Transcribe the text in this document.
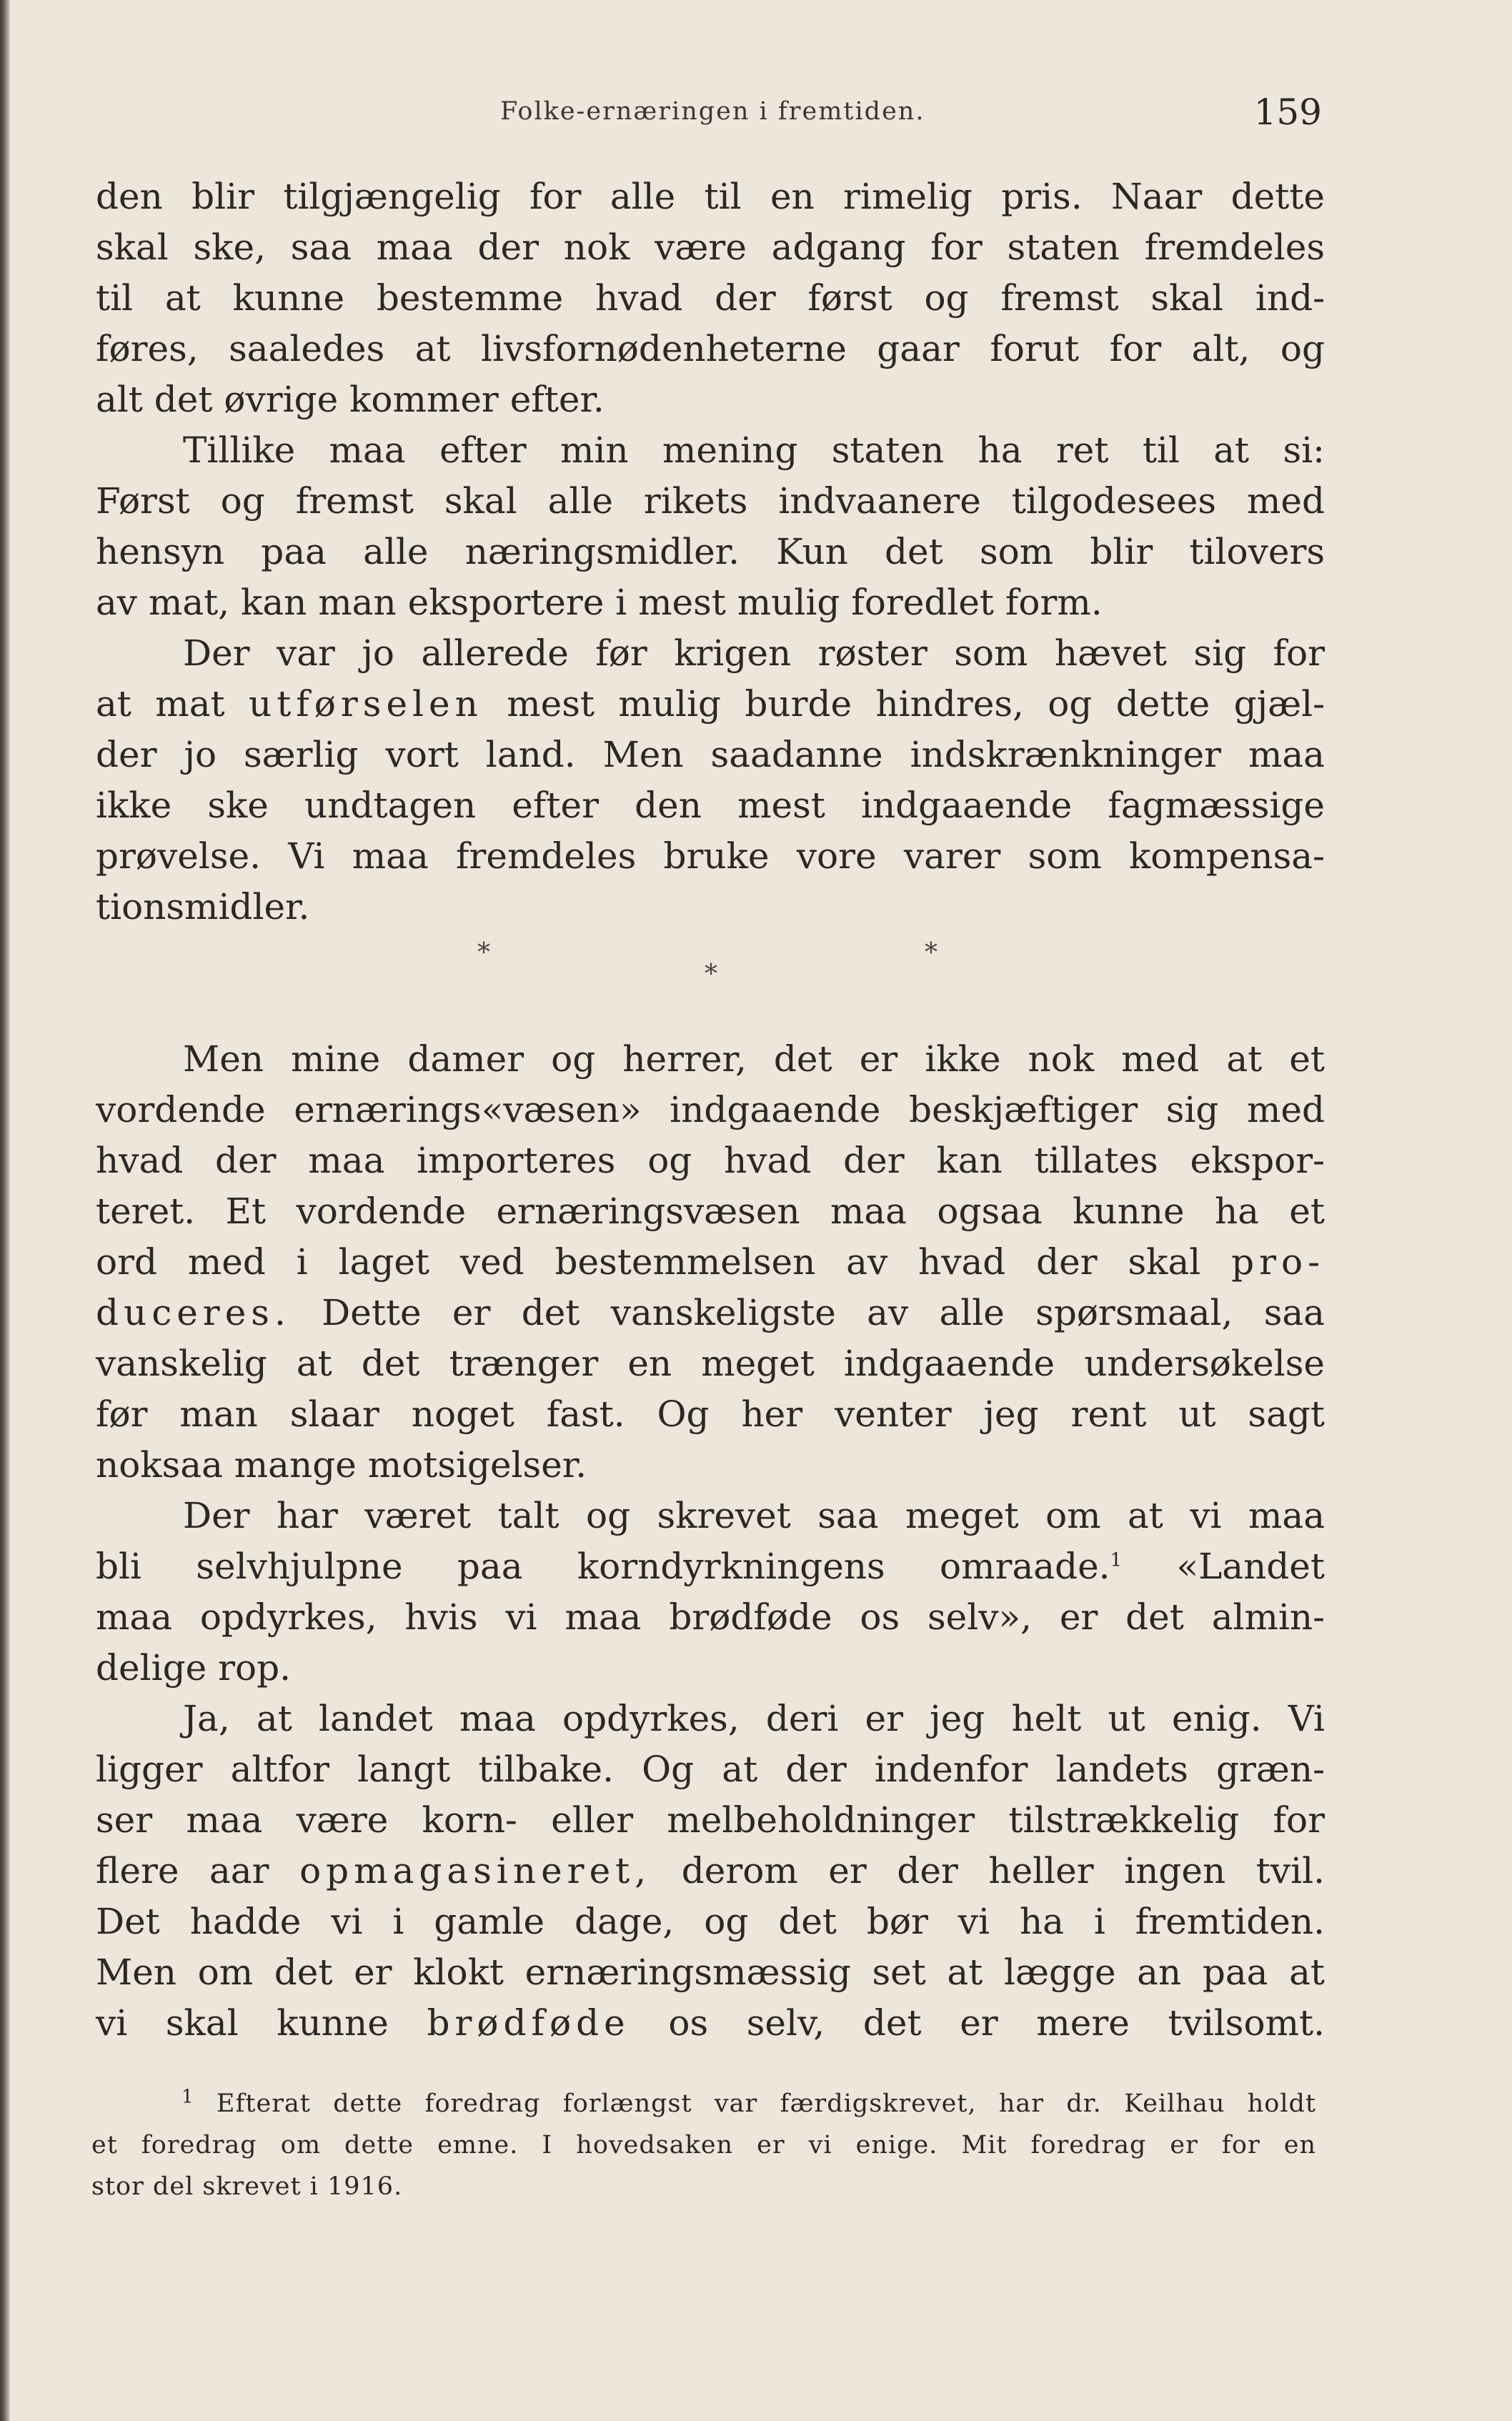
Folke-ernæringen i fremtiden.	159
den blir tilgjængelig for alle til en rimelig pris. Naar dette
skal ske, saa maa der nok være adgang for staten fremdeles
til at kunne bestemme hvad der først og fremst skal ind-
føres, saaledes at livsfornødenheterne gaar forut for alt, og
alt det øvrige kommer efter.
Tillike maa efter min mening staten ha ret til at si:
Først og fremst skal alle rikets indvaanere tilgodesees med
hensyn paa alle næringsmidler. Kun det som blir tilovers
av mat, kan man eksportere i mest mulig foredlet form.
Der var jo allerede før krigen røster som hævet sig for
at mat utførselen mest mulig burde hindres, og dette gjæl-
der jo særlig vort land. Men saadanne indskrænkninger maa
ikke ske undtagen efter den mest indgaaende fagmæssige
prøvelse. Vi maa fremdeles bruke vore varer som kompensa-
tionsmidler.
*
*
*
Men mine damer og herrer, det er ikke nok med at et
vordende ernærings«væsen» indgaaende beskjæftiger sig med
hvad der maa importeres og hvad der kan tillates ekspor-
teret. Et vordende ernæringsvæsen maa ogsaa kunne ha et
ord med i laget ved bestemmelsen av hvad der skal pro-
duceres. Dette er det vanskeligste av alle spørsmaal, saa
vanskelig at det trænger en meget indgaaende undersøkelse
før man slaar noget fast. Og her venter jeg rent ut sagt
noksaa mange motsigelser.
Der har været talt og skrevet saa meget om at vi maa
bli selvhjulpne paa korndyrkningens omraade.$^1$ «Landet
maa opdyrkes, hvis vi maa brødføde os selv», er det almin-
delige rop.
Ja, at landet maa opdyrkes, deri er jeg helt ut enig. Vi
ligger altfor langt tilbake. Og at der indenfor landets græn-
ser maa være korn- eller melbeholdninger tilstrækkelig for
flere aar opmagasineret, derom er der heller ingen tvil.
Det hadde vi i gamle dage, og det bør vi ha i fremtiden.
Men om det er klokt ernæringsmæssig set at lægge an paa at
vi skal kunne brødføde os selv, det er mere tvilsomt.
$^1$ Efterat dette foredrag forlængst var færdigskrevet, har dr. Keilhau holdt
et foredrag om dette emne. I hovedsaken er vi enige. Mit foredrag er for en
stor del skrevet i 1916.
